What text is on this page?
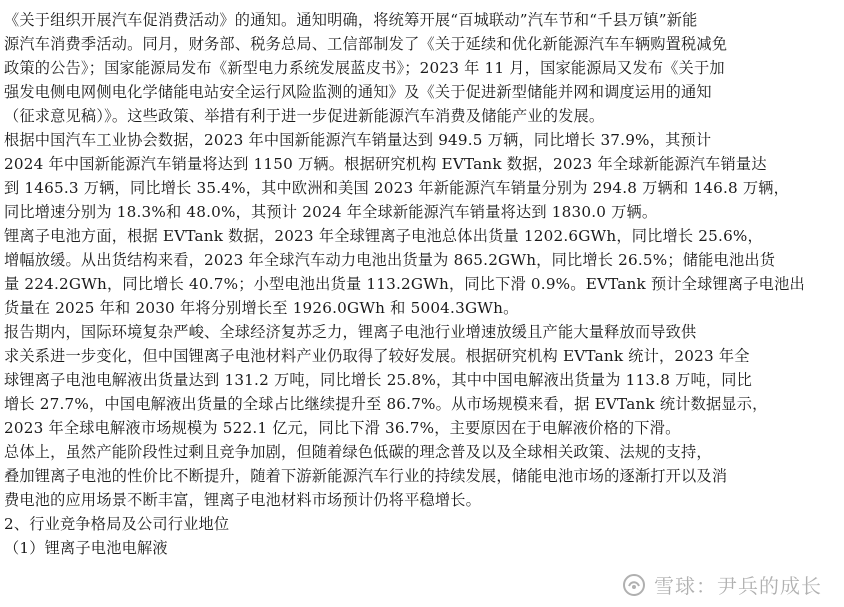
《关于组织开展汽车促消费活动》的通知。通知明确，将统筹开展“百城联动”汽车节和“千县万镇”新能
源汽车消费季活动。同月，财务部、税务总局、工信部制发了《关于延续和优化新能源汽车车辆购置税减免
政策的公告》；国家能源局发布《新型电力系统发展蓝皮书》；2023 年 11 月，国家能源局又发布《关于加
强发电侧电网侧电化学储能电站安全运行风险监测的通知》及《关于促进新型储能并网和调度运用的通知
（征求意见稿）》。这些政策、举措有利于进一步促进新能源汽车消费及储能产业的发展。
根据中国汽车工业协会数据，2023 年中国新能源汽车销量达到 949.5 万辆，同比增长 37.9%，其预计
2024 年中国新能源汽车销量将达到 1150 万辆。根据研究机构 EVTank 数据，2023 年全球新能源汽车销量达
到 1465.3 万辆，同比增长 35.4%，其中欧洲和美国 2023 年新能源汽车销量分别为 294.8 万辆和 146.8 万辆，
同比增速分别为 18.3%和 48.0%，其预计 2024 年全球新能源汽车销量将达到 1830.0 万辆。
锂离子电池方面，根据 EVTank 数据，2023 年全球锂离子电池总体出货量 1202.6GWh，同比增长 25.6%，
增幅放缓。从出货结构来看，2023 年全球汽车动力电池出货量为 865.2GWh，同比增长 26.5%；储能电池出货
量 224.2GWh，同比增长 40.7%；小型电池出货量 113.2GWh，同比下滑 0.9%。EVTank 预计全球锂离子电池出
货量在 2025 年和 2030 年将分别增长至 1926.0GWh 和 5004.3GWh。
报告期内，国际环境复杂严峻、全球经济复苏乏力，锂离子电池行业增速放缓且产能大量释放而导致供
求关系进一步变化，但中国锂离子电池材料产业仍取得了较好发展。根据研究机构 EVTank 统计，2023 年全
球锂离子电池电解液出货量达到 131.2 万吨，同比增长 25.8%，其中中国电解液出货量为 113.8 万吨，同比
增长 27.7%，中国电解液出货量的全球占比继续提升至 86.7%。从市场规模来看，据 EVTank 统计数据显示，
2023 年全球电解液市场规模为 522.1 亿元，同比下滑 36.7%，主要原因在于电解液价格的下滑。
总体上，虽然产能阶段性过剩且竞争加剧，但随着绿色低碳的理念普及以及全球相关政策、法规的支持，
叠加锂离子电池的性价比不断提升，随着下游新能源汽车行业的持续发展，储能电池市场的逐渐打开以及消
费电池的应用场景不断丰富，锂离子电池材料市场预计仍将平稳增长。
2、行业竞争格局及公司行业地位
（1）锂离子电池电解液
雪球：尹兵的成长
